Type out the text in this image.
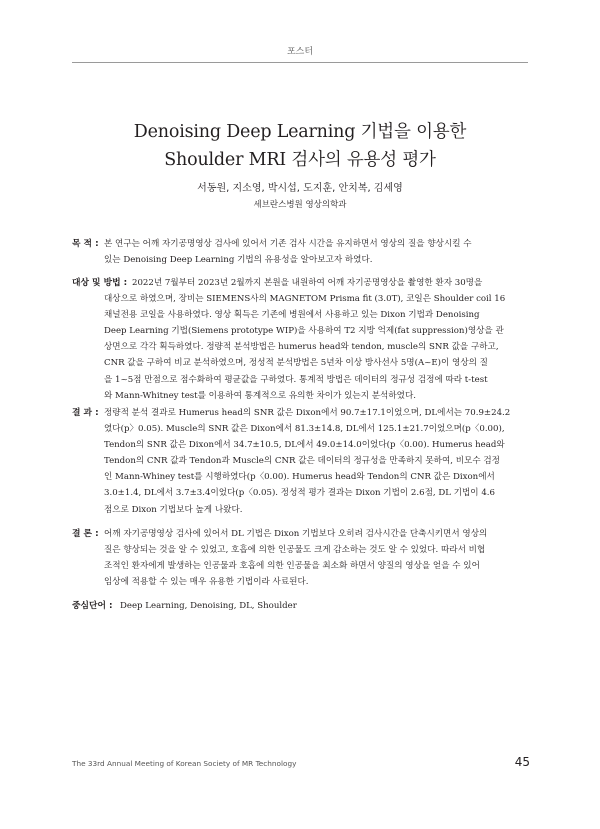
포스터
Denoising Deep Learning 기법을 이용한
Shoulder MRI 검사의 유용성 평가
서동원, 지소영, 박시섭, 도지훈, 안치복, 김세영
세브란스병원 영상의학과
목 적 : 본 연구는 어깨 자기공명영상 검사에 있어서 기존 검사 시간을 유지하면서 영상의 질을 향상시킬 수
있는 Denoising Deep Learning 기법의 유용성을 알아보고자 하였다.
대상 및 방법 : 2022년 7월부터 2023년 2월까지 본원을 내원하여 어깨 자기공명영상을 촬영한 환자 30명을
대상으로 하였으며, 장비는 SIEMENS사의 MAGNETOM Prisma fit (3.0T), 코일은 Shoulder coil 16
채널전용 코일을 사용하였다. 영상 획득은 기존에 병원에서 사용하고 있는 Dixon 기법과 Denoising
Deep Learning 기법(Siemens prototype WIP)을 사용하여 T2 지방 억제(fat suppression)영상을 관
상면으로 각각 획득하였다. 정량적 분석방법은 humerus head와 tendon, muscle의 SNR 값을 구하고,
CNR 값을 구하여 비교 분석하였으며, 정성적 분석방법은 5년차 이상 방사선사 5명(A~E)이 영상의 질
을 1~5점 만점으로 점수화하여 평균값을 구하였다. 통계적 방법은 데이터의 정규성 검정에 따라 t-test
와 Mann-Whitney test를 이용하여 통계적으로 유의한 차이가 있는지 분석하였다.
결 과 : 정량적 분석 결과로 Humerus head의 SNR 값은 Dixon에서 90.7±17.1이었으며, DL에서는 70.9±24.2
였다(p〉0.05). Muscle의 SNR 값은 Dixon에서 81.3±14.8, DL에서 125.1±21.7이었으며(p〈0.00),
Tendon의 SNR 값은 Dixon에서 34.7±10.5, DL에서 49.0±14.0이었다(p〈0.00). Humerus head와
Tendon의 CNR 값과 Tendon과 Muscle의 CNR 값은 데이터의 정규성을 만족하지 못하여, 비모수 검정
인 Mann-Whiney test를 시행하였다(p〈0.00). Humerus head와 Tendon의 CNR 값은 Dixon에서
3.0±1.4, DL에서 3.7±3.4이었다(p〈0.05). 정성적 평가 결과는 Dixon 기법이 2.6점, DL 기법이 4.6
점으로 Dixon 기법보다 높게 나왔다.
결 론 : 어깨 자기공명영상 검사에 있어서 DL 기법은 Dixon 기법보다 오히려 검사시간을 단축시키면서 영상의
질은 향상되는 것을 알 수 있었고, 호흡에 의한 인공물도 크게 감소하는 것도 알 수 있었다. 따라서 비협
조적인 환자에게 발생하는 인공물과 호흡에 의한 인공물을 최소화 하면서 양질의 영상을 얻을 수 있어
임상에 적용할 수 있는 매우 유용한 기법이라 사료된다.
중심단어 : Deep Learning, Denoising, DL, Shoulder
The 33rd Annual Meeting of Korean Society of MR Technology	45
